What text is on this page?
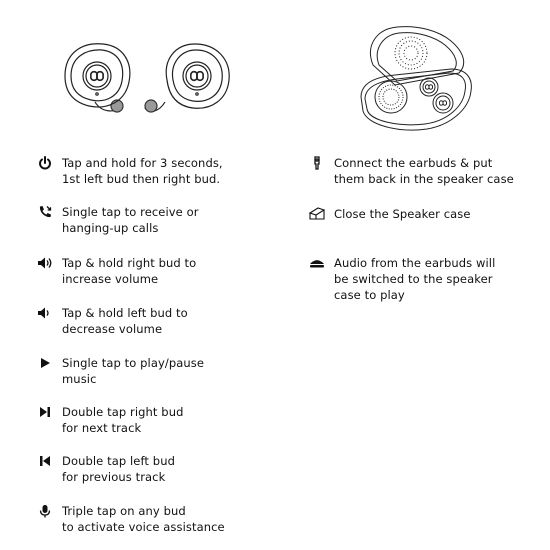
Tap and hold for 3 seconds,
1st left bud then right bud.
Single tap to receive or
hanging-up calls
Tap & hold right bud to
increase volume
Tap & hold left bud to
decrease volume
Single tap to play/pause
music
Double tap right bud
for next track
Double tap left bud
for previous track
Triple tap on any bud
to activate voice assistance
Connect the earbuds & put
them back in the speaker case
Close the Speaker case
Audio from the earbuds will
be switched to the speaker
case to play
